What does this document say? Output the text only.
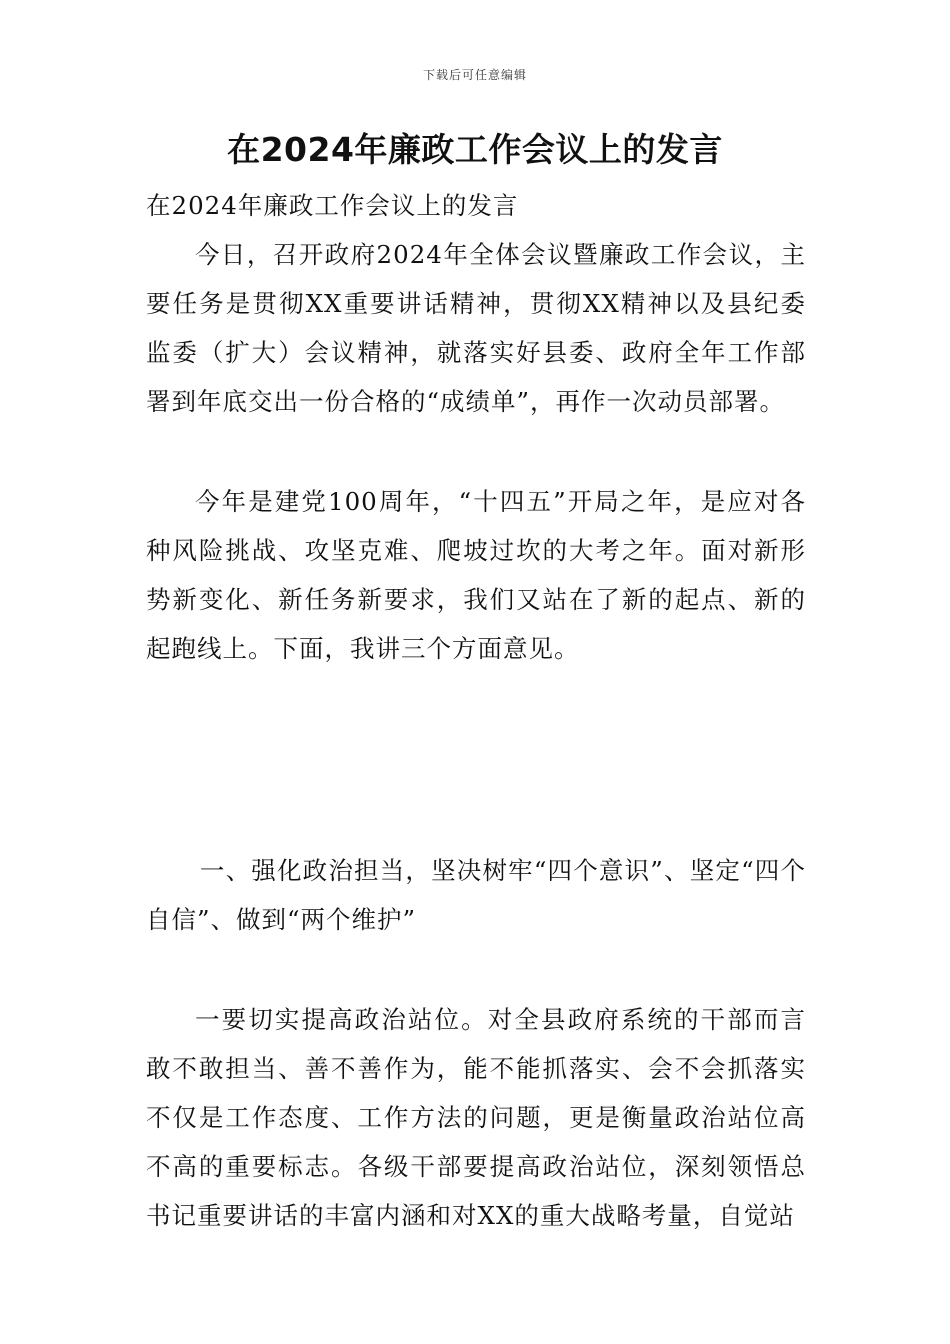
下载后可任意编辑
在2024年廉政工作会议上的发言

在2024年廉政工作会议上的发言

今日，召开政府2024年全体会议暨廉政工作会议，主要任务是贯彻XX重要讲话精神，贯彻XX精神以及县纪委监委（扩大）会议精神，就落实好县委、政府全年工作部署到年底交出一份合格的“成绩单”，再作一次动员部署。

今年是建党100周年，“十四五”开局之年，是应对各种风险挑战、攻坚克难、爬坡过坎的大考之年。面对新形势新变化、新任务新要求，我们又站在了新的起点、新的起跑线上。下面，我讲三个方面意见。

一、强化政治担当，坚决树牢“四个意识”、坚定“四个自信”、做到“两个维护”

一要切实提高政治站位。对全县政府系统的干部而言敢不敢担当、善不善作为，能不能抓落实、会不会抓落实不仅是工作态度、工作方法的问题，更是衡量政治站位高不高的重要标志。各级干部要提高政治站位，深刻领悟总书记重要讲话的丰富内涵和对XX的重大战略考量，自觉站
